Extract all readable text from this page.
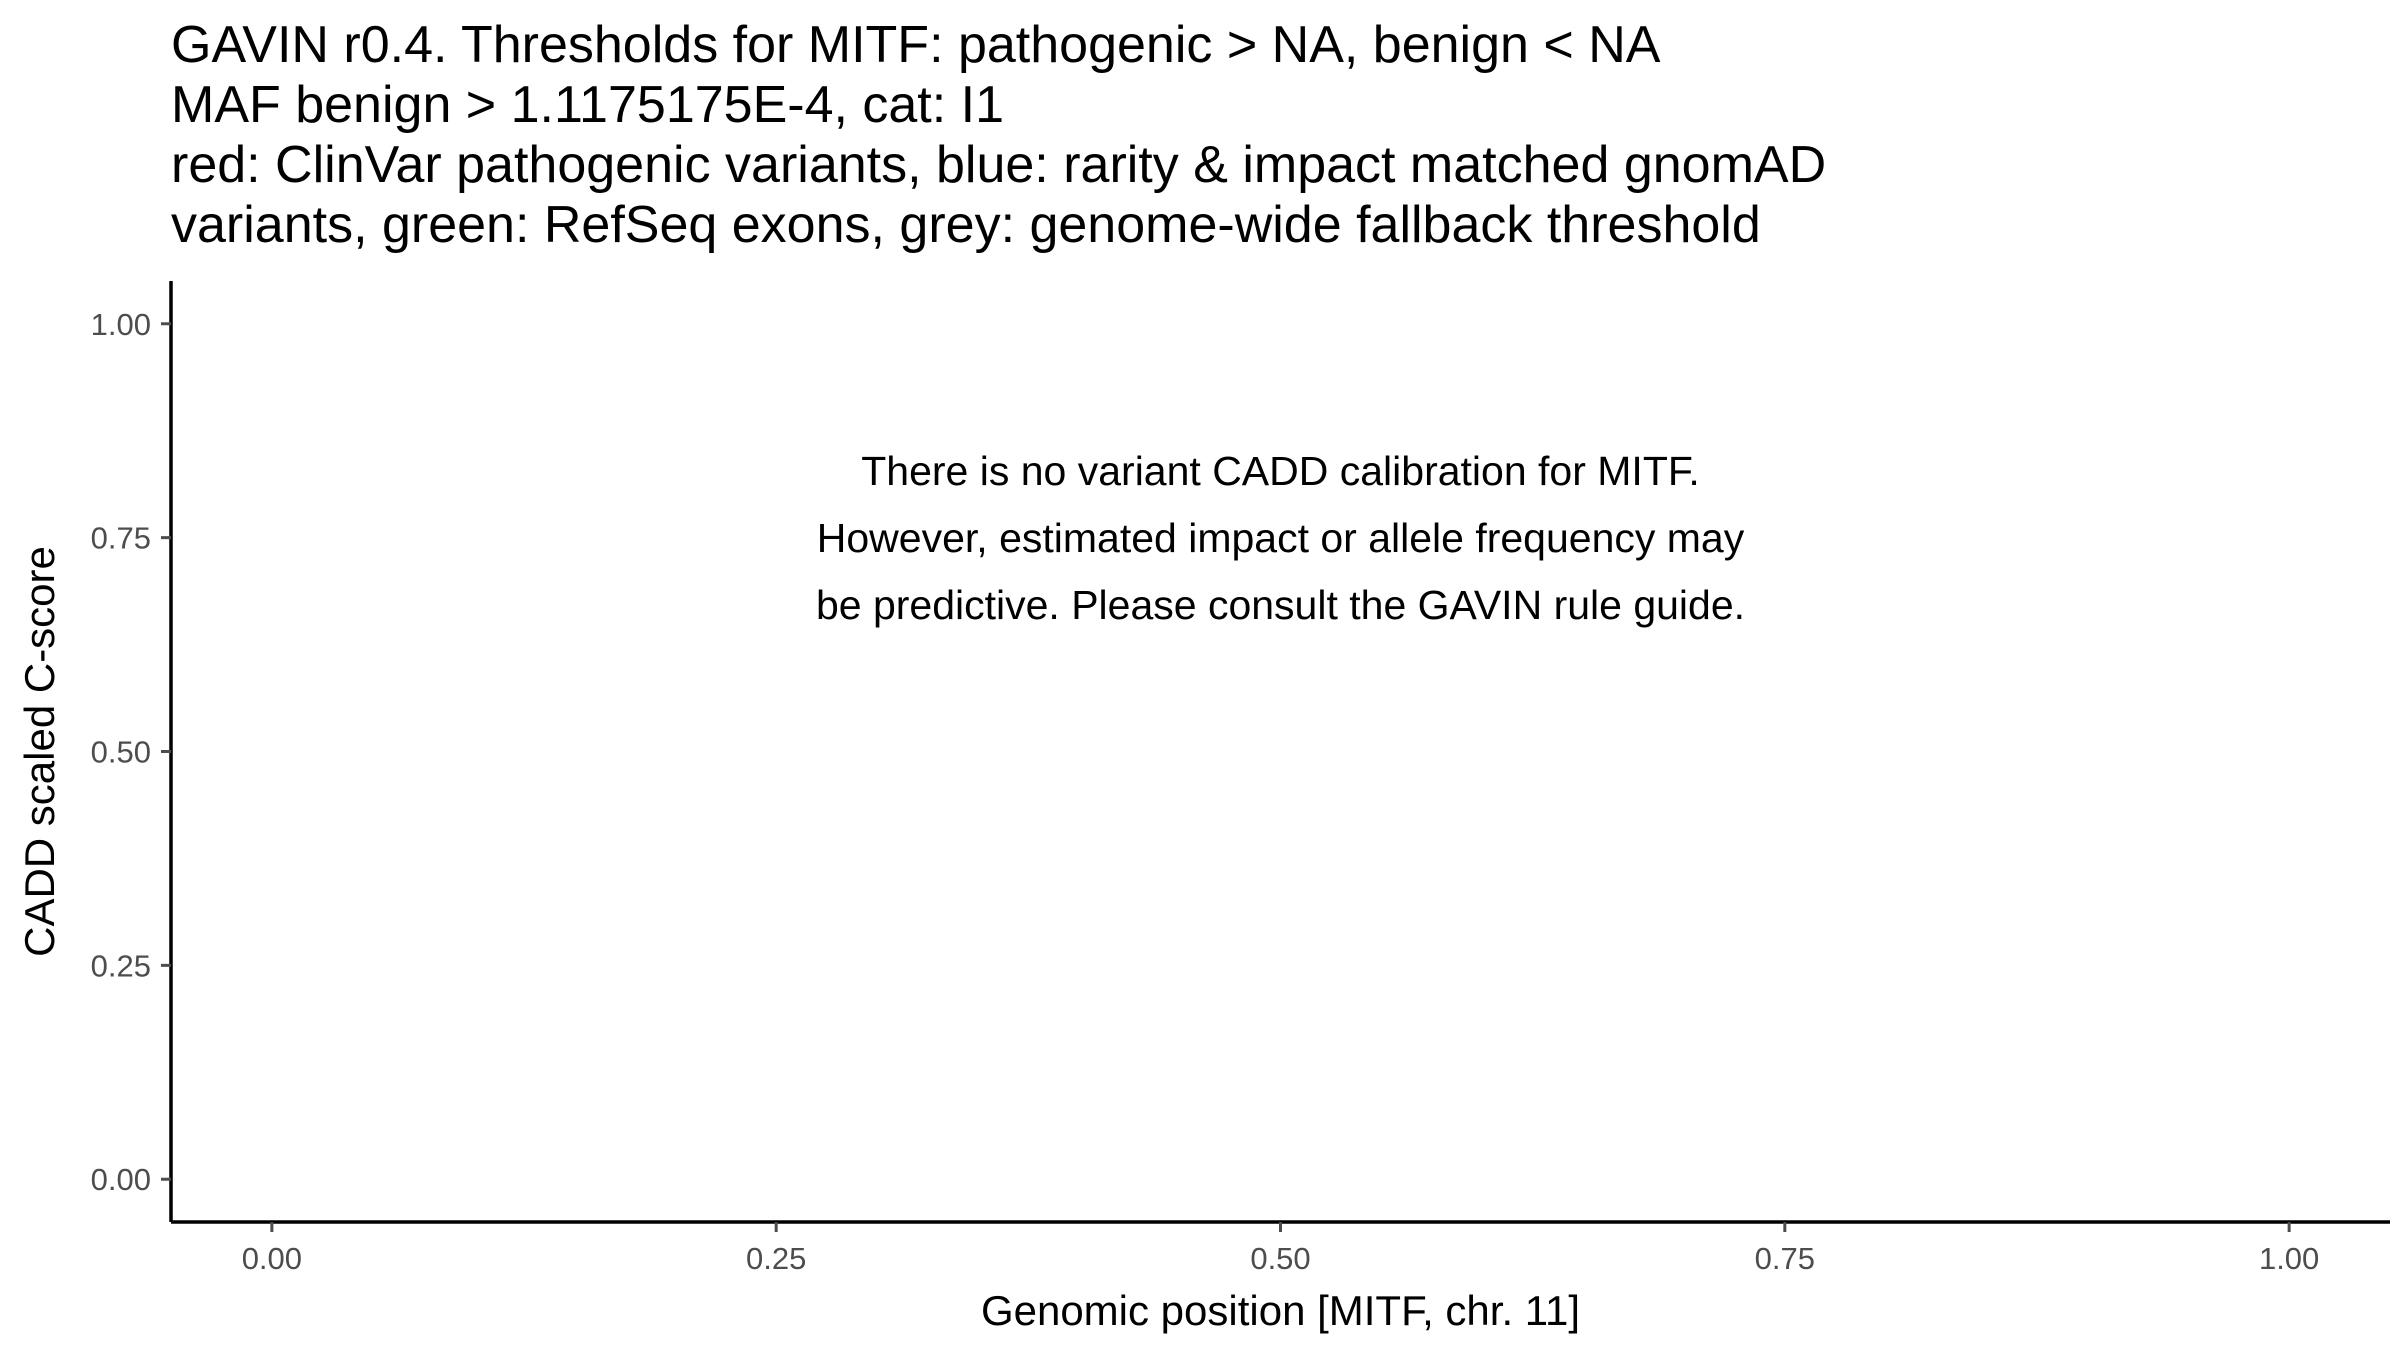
GAVIN r0.4. Thresholds for MITF: pathogenic > NA, benign < NA
MAF benign > 1.1175175E-4, cat: I1
red: ClinVar pathogenic variants, blue: rarity & impact matched gnomAD
variants, green: RefSeq exons, grey: genome-wide fallback threshold
0.00
0.25
0.50
0.75
1.00
0.00	0.25	0.50	0.75	1.00
There is no variant CADD calibration for MITF.
However, estimated impact or allele frequency may
be predictive. Please consult the GAVIN rule guide.
Genomic position [MITF, chr. 11]
CADD scaled C-score
